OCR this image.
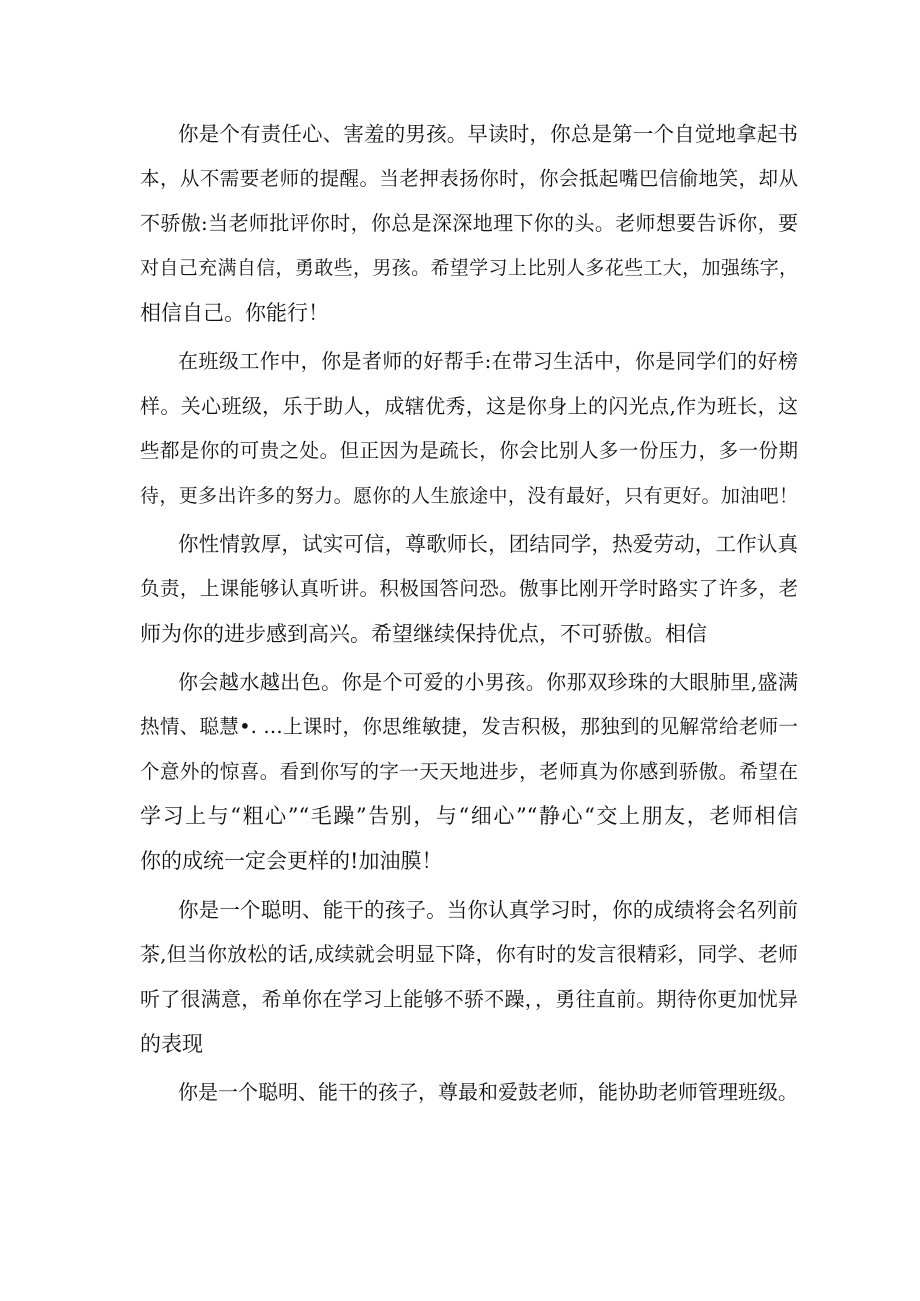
你是个有责任心、害羞的男孩。早读时，你总是第一个自觉地拿起书
本，从不需要老师的提醒。当老押表扬你时，你会抵起嘴巴信偷地笑，却从
不骄傲:当老师批评你时，你总是深深地理下你的头。老师想要告诉你，要
对自己充满自信，勇敢些，男孩。希望学习上比别人多花些工大，加强练字，
相信自己。你能行！
在班级工作中，你是者师的好帮手:在带习生活中，你是同学们的好榜
样。关心班级，乐于助人，成辖优秀，这是你身上的闪光点,作为班长，这
些都是你的可贵之处。但正因为是疏长，你会比别人多一份压力，多一份期
待，更多出许多的努力。愿你的人生旅途中，没有最好，只有更好。加油吧！
你性情敦厚，试实可信，尊歌师长，团结同学，热爱劳动，工作认真
负责，上课能够认真听讲。积极国答问恐。傲事比刚开学时路实了许多，老
师为你的进步感到高兴。希望继续保持优点，不可骄傲。相信
你会越水越出色。你是个可爱的小男孩。你那双珍珠的大眼肺里,盛满
热情、聪慧•. …上课时，你思维敏捷，发吉积极，那独到的见解常给老师一
个意外的惊喜。看到你写的字一天天地进步，老师真为你感到骄傲。希望在
学习上与“粗心”“毛躁”告别，与“细心”“静心“交上朋友，老师相信
你的成统一定会更样的!加油膜！
你是一个聪明、能干的孩子。当你认真学习时，你的成绩将会名列前
茶,但当你放松的话,成续就会明显下降，你有时的发言很精彩，同学、老师
听了很满意，希单你在学习上能够不骄不躁，，勇往直前。期待你更加忧异
的表现
你是一个聪明、能干的孩子，尊最和爱鼓老师，能协助老师管理班级。
